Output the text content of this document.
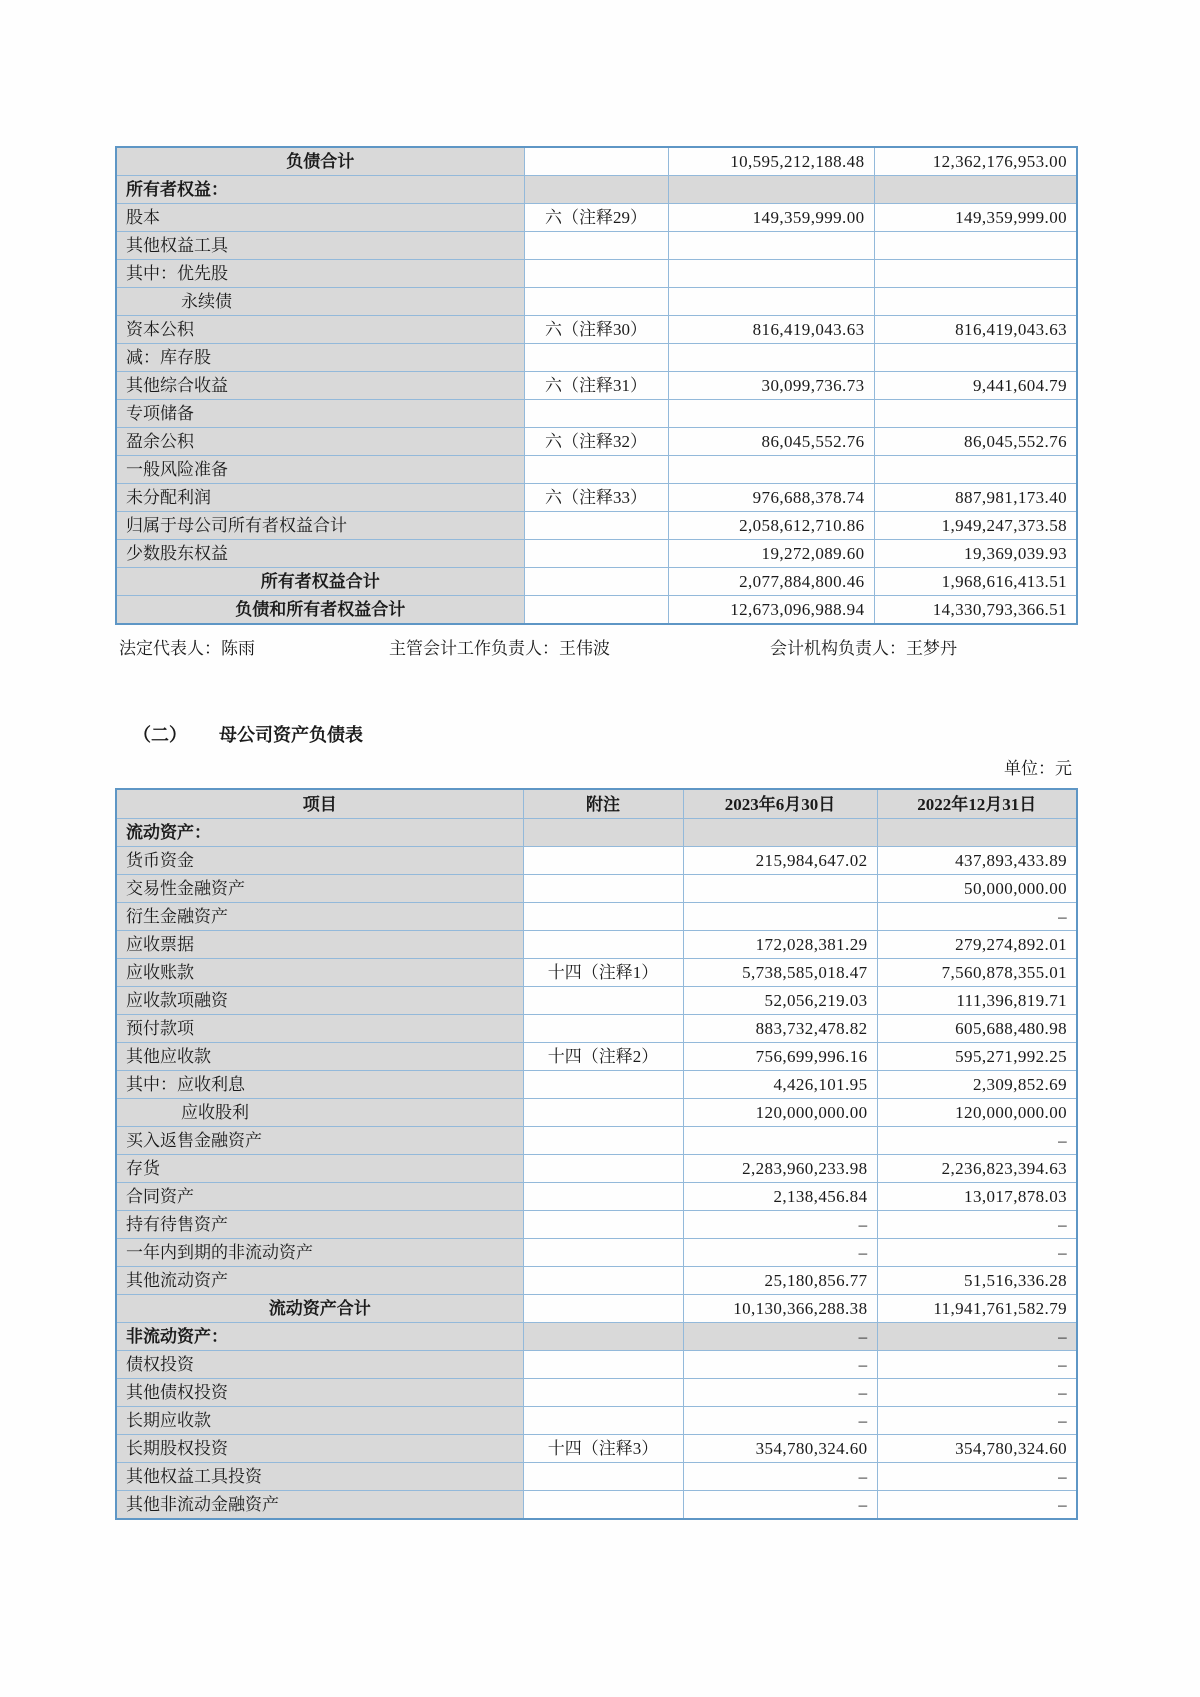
负债合计		10,595,212,188.48	12,362,176,953.00
所有者权益：			
股本	六（注释29）	149,359,999.00	149,359,999.00
其他权益工具			
其中：优先股			
永续债			
资本公积	六（注释30）	816,419,043.63	816,419,043.63
减：库存股			
其他综合收益	六（注释31）	30,099,736.73	9,441,604.79
专项储备			
盈余公积	六（注释32）	86,045,552.76	86,045,552.76
一般风险准备			
未分配利润	六（注释33）	976,688,378.74	887,981,173.40
归属于母公司所有者权益合计		2,058,612,710.86	1,949,247,373.58
少数股东权益		19,272,089.60	19,369,039.93
所有者权益合计		2,077,884,800.46	1,968,616,413.51
负债和所有者权益合计		12,673,096,988.94	14,330,793,366.51
法定代表人：陈雨	主管会计工作负责人：王伟波	会计机构负责人：王梦丹
（二） 母公司资产负债表
单位：元
项目	附注	2023年6月30日	2022年12月31日
流动资产：			
货币资金		215,984,647.02	437,893,433.89
交易性金融资产			50,000,000.00
衍生金融资产			–
应收票据		172,028,381.29	279,274,892.01
应收账款	十四（注释1）	5,738,585,018.47	7,560,878,355.01
应收款项融资		52,056,219.03	111,396,819.71
预付款项		883,732,478.82	605,688,480.98
其他应收款	十四（注释2）	756,699,996.16	595,271,992.25
其中：应收利息		4,426,101.95	2,309,852.69
应收股利		120,000,000.00	120,000,000.00
买入返售金融资产			–
存货		2,283,960,233.98	2,236,823,394.63
合同资产		2,138,456.84	13,017,878.03
持有待售资产		–	–
一年内到期的非流动资产		–	–
其他流动资产		25,180,856.77	51,516,336.28
流动资产合计		10,130,366,288.38	11,941,761,582.79
非流动资产：		–	–
债权投资		–	–
其他债权投资		–	–
长期应收款		–	–
长期股权投资	十四（注释3）	354,780,324.60	354,780,324.60
其他权益工具投资		–	–
其他非流动金融资产		–	–
